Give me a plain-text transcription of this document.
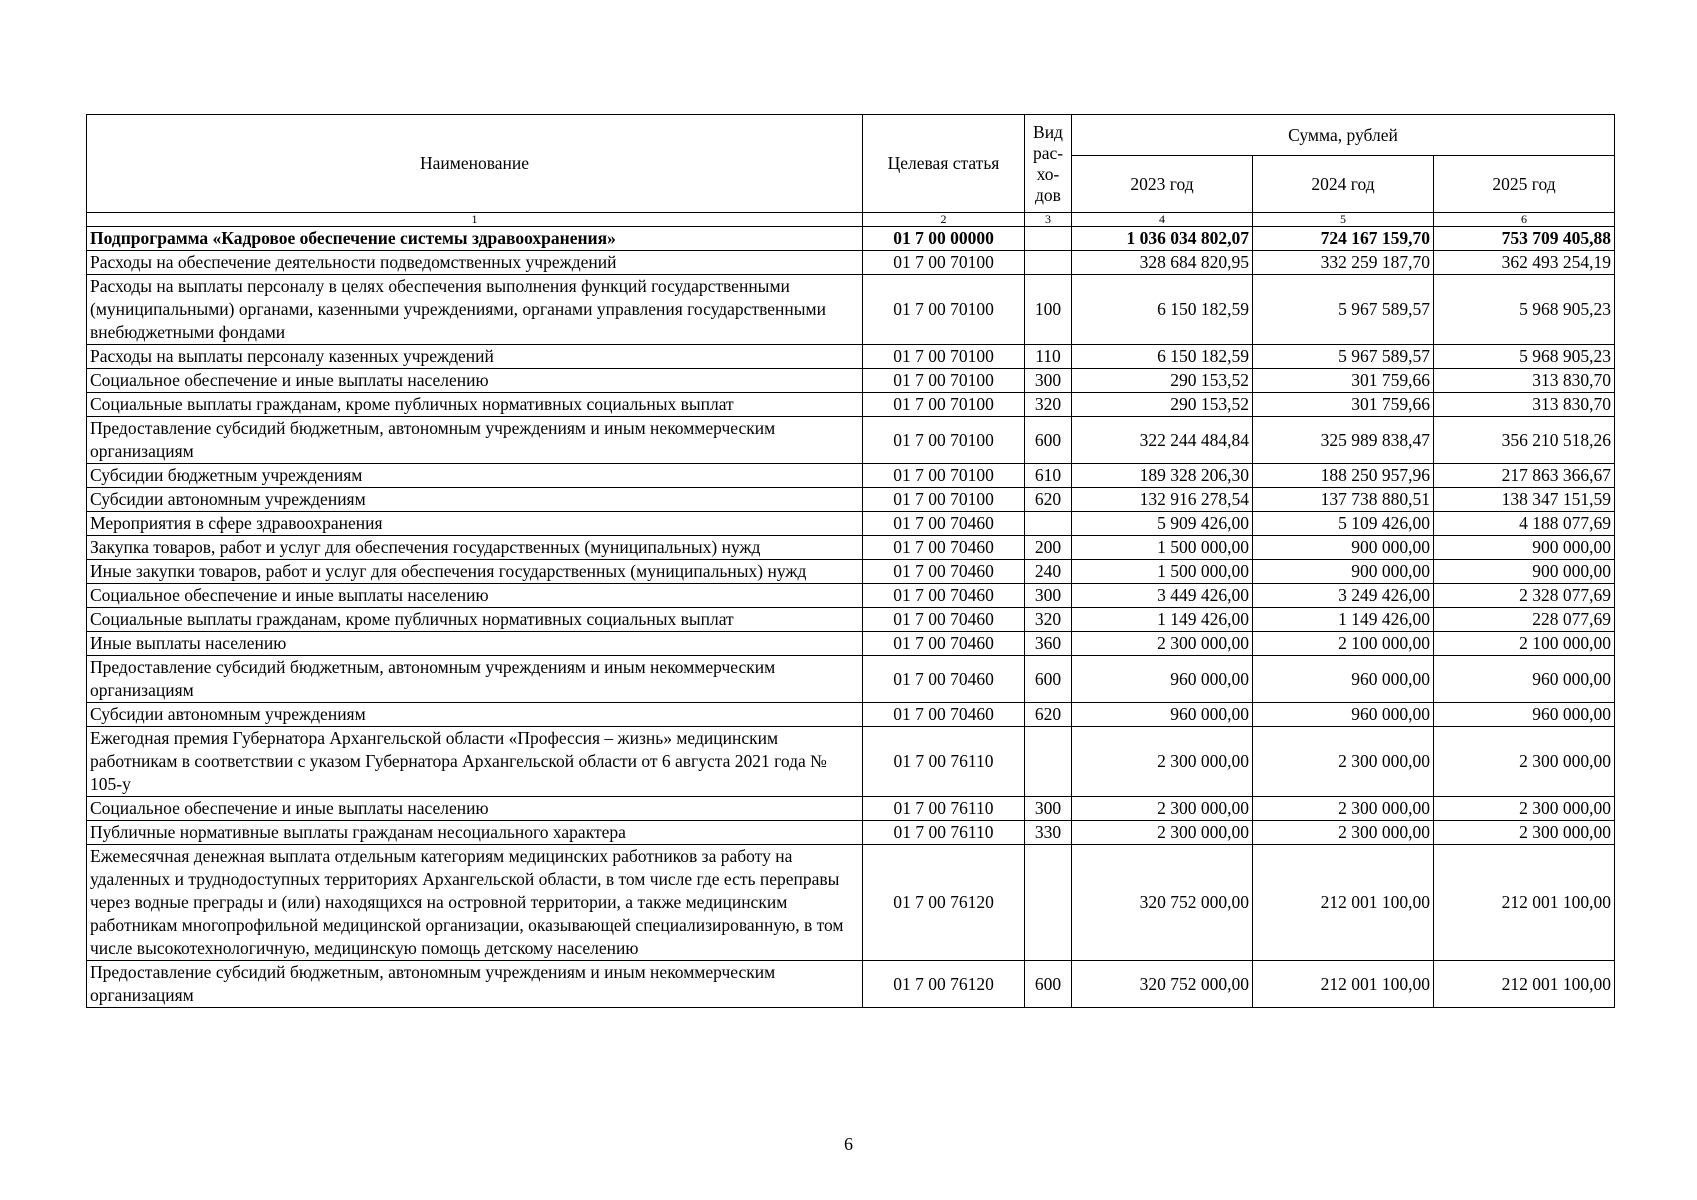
Наименование	Целевая статья	Вид рас-хо-дов	Сумма, рублей		
			2023 год	2024 год	2025 год
1	2	3	4	5	6
Подпрограмма «Кадровое обеспечение системы здравоохранения»	01 7 00 00000		1 036 034 802,07	724 167 159,70	753 709 405,88
Расходы на обеспечение деятельности подведомственных учреждений	01 7 00 70100		328 684 820,95	332 259 187,70	362 493 254,19
Расходы на выплаты персоналу в целях обеспечения выполнения функций государственными (муниципальными) органами, казенными учреждениями, органами управления государственными внебюджетными фондами	01 7 00 70100	100	6 150 182,59	5 967 589,57	5 968 905,23
Расходы на выплаты персоналу казенных учреждений	01 7 00 70100	110	6 150 182,59	5 967 589,57	5 968 905,23
Социальное обеспечение и иные выплаты населению	01 7 00 70100	300	290 153,52	301 759,66	313 830,70
Социальные выплаты гражданам, кроме публичных нормативных социальных выплат	01 7 00 70100	320	290 153,52	301 759,66	313 830,70
Предоставление субсидий бюджетным, автономным учреждениям и иным некоммерческим организациям	01 7 00 70100	600	322 244 484,84	325 989 838,47	356 210 518,26
Субсидии бюджетным учреждениям	01 7 00 70100	610	189 328 206,30	188 250 957,96	217 863 366,67
Субсидии автономным учреждениям	01 7 00 70100	620	132 916 278,54	137 738 880,51	138 347 151,59
Мероприятия в сфере здравоохранения	01 7 00 70460		5 909 426,00	5 109 426,00	4 188 077,69
Закупка товаров, работ и услуг для обеспечения государственных (муниципальных) нужд	01 7 00 70460	200	1 500 000,00	900 000,00	900 000,00
Иные закупки товаров, работ и услуг для обеспечения государственных (муниципальных) нужд	01 7 00 70460	240	1 500 000,00	900 000,00	900 000,00
Социальное обеспечение и иные выплаты населению	01 7 00 70460	300	3 449 426,00	3 249 426,00	2 328 077,69
Социальные выплаты гражданам, кроме публичных нормативных социальных выплат	01 7 00 70460	320	1 149 426,00	1 149 426,00	228 077,69
Иные выплаты населению	01 7 00 70460	360	2 300 000,00	2 100 000,00	2 100 000,00
Предоставление субсидий бюджетным, автономным учреждениям и иным некоммерческим организациям	01 7 00 70460	600	960 000,00	960 000,00	960 000,00
Субсидии автономным учреждениям	01 7 00 70460	620	960 000,00	960 000,00	960 000,00
Ежегодная премия Губернатора Архангельской области «Профессия – жизнь» медицинским работникам в соответствии с указом Губернатора Архангельской области от 6 августа 2021 года № 105-у	01 7 00 76110		2 300 000,00	2 300 000,00	2 300 000,00
Социальное обеспечение и иные выплаты населению	01 7 00 76110	300	2 300 000,00	2 300 000,00	2 300 000,00
Публичные нормативные выплаты гражданам несоциального характера	01 7 00 76110	330	2 300 000,00	2 300 000,00	2 300 000,00
Ежемесячная денежная выплата отдельным категориям медицинских работников за работу на удаленных и труднодоступных территориях Архангельской области, в том числе где есть переправы через водные преграды и (или) находящихся на островной территории, а также медицинским работникам многопрофильной медицинской организации, оказывающей специализированную, в том числе высокотехнологичную, медицинскую помощь детскому населению	01 7 00 76120		320 752 000,00	212 001 100,00	212 001 100,00
Предоставление субсидий бюджетным, автономным учреждениям и иным некоммерческим организациям	01 7 00 76120	600	320 752 000,00	212 001 100,00	212 001 100,00
6
